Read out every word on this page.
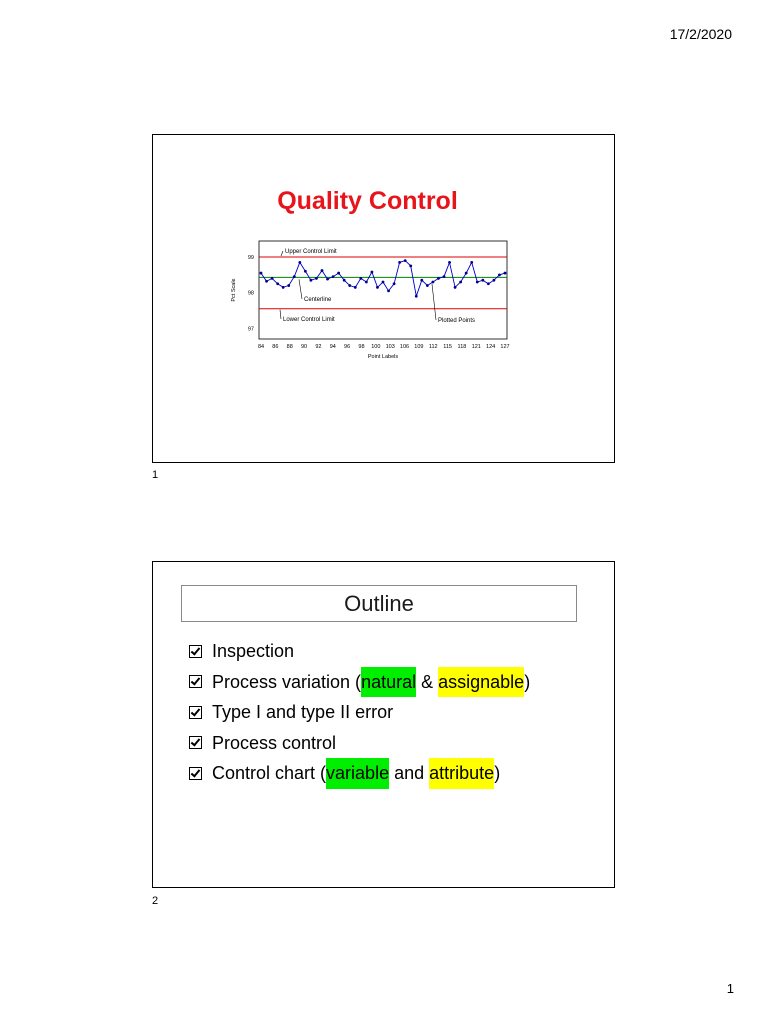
17/2/2020
Quality Control
97
98
99
Pct Scale
84 86 88 90 92 94 96 98 100 103 106 109 112 115 118 121 124 127
Point Labels
Upper Control Limit
Centerline
Lower Control Limit	Plotted Points
1
Outline
Inspection
Process variation ( natural & assignable )
Type I and type II error
Process control
Control chart ( variable and attribute )
2
1
